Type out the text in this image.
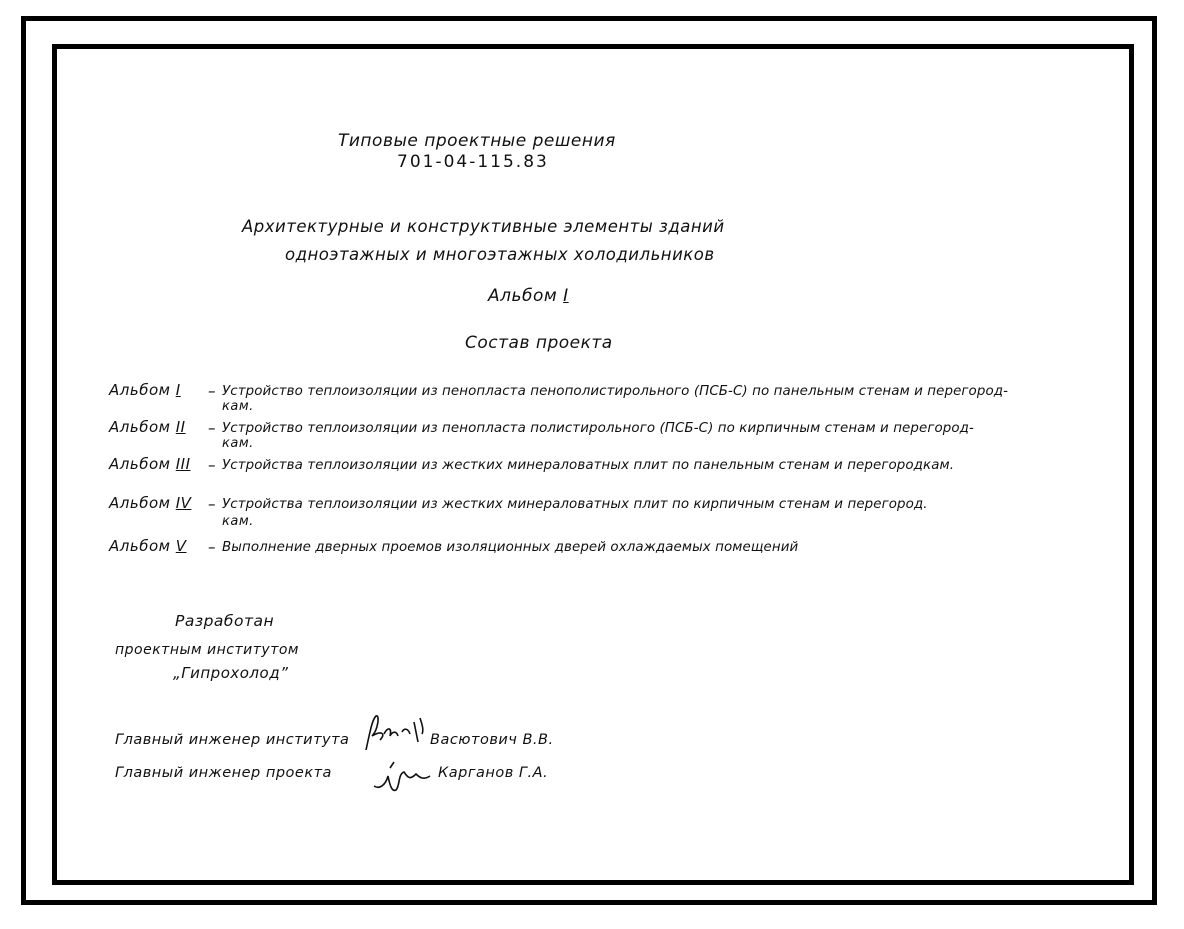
Типовые проектные решения
701-04-115.83
Архитектурные и конструктивные элементы зданий
одноэтажных и многоэтажных холодильников
Альбом I
Состав проекта
Альбом I – Устройство теплоизоляции из пенопласта пенополистирольного (ПСБ-С) по панельным стенам и перегород-
кам.
Альбом II – Устройство теплоизоляции из пенопласта полистирольного (ПСБ-С) по кирпичным стенам и перегород-
кам.
Альбом III – Устройства теплоизоляции из жестких минераловатных плит по панельным стенам и перегородкам.
Альбом IV – Устройства теплоизоляции из жестких минераловатных плит по кирпичным стенам и перегород.
кам.
Альбом V – Выполнение дверных проемов изоляционных дверей охлаждаемых помещений
Разработан
проектным институтом
„Гипрохолод”
Главный инженер института	Васютович В.В.
Главный инженер проекта	Карганов Г.А.
